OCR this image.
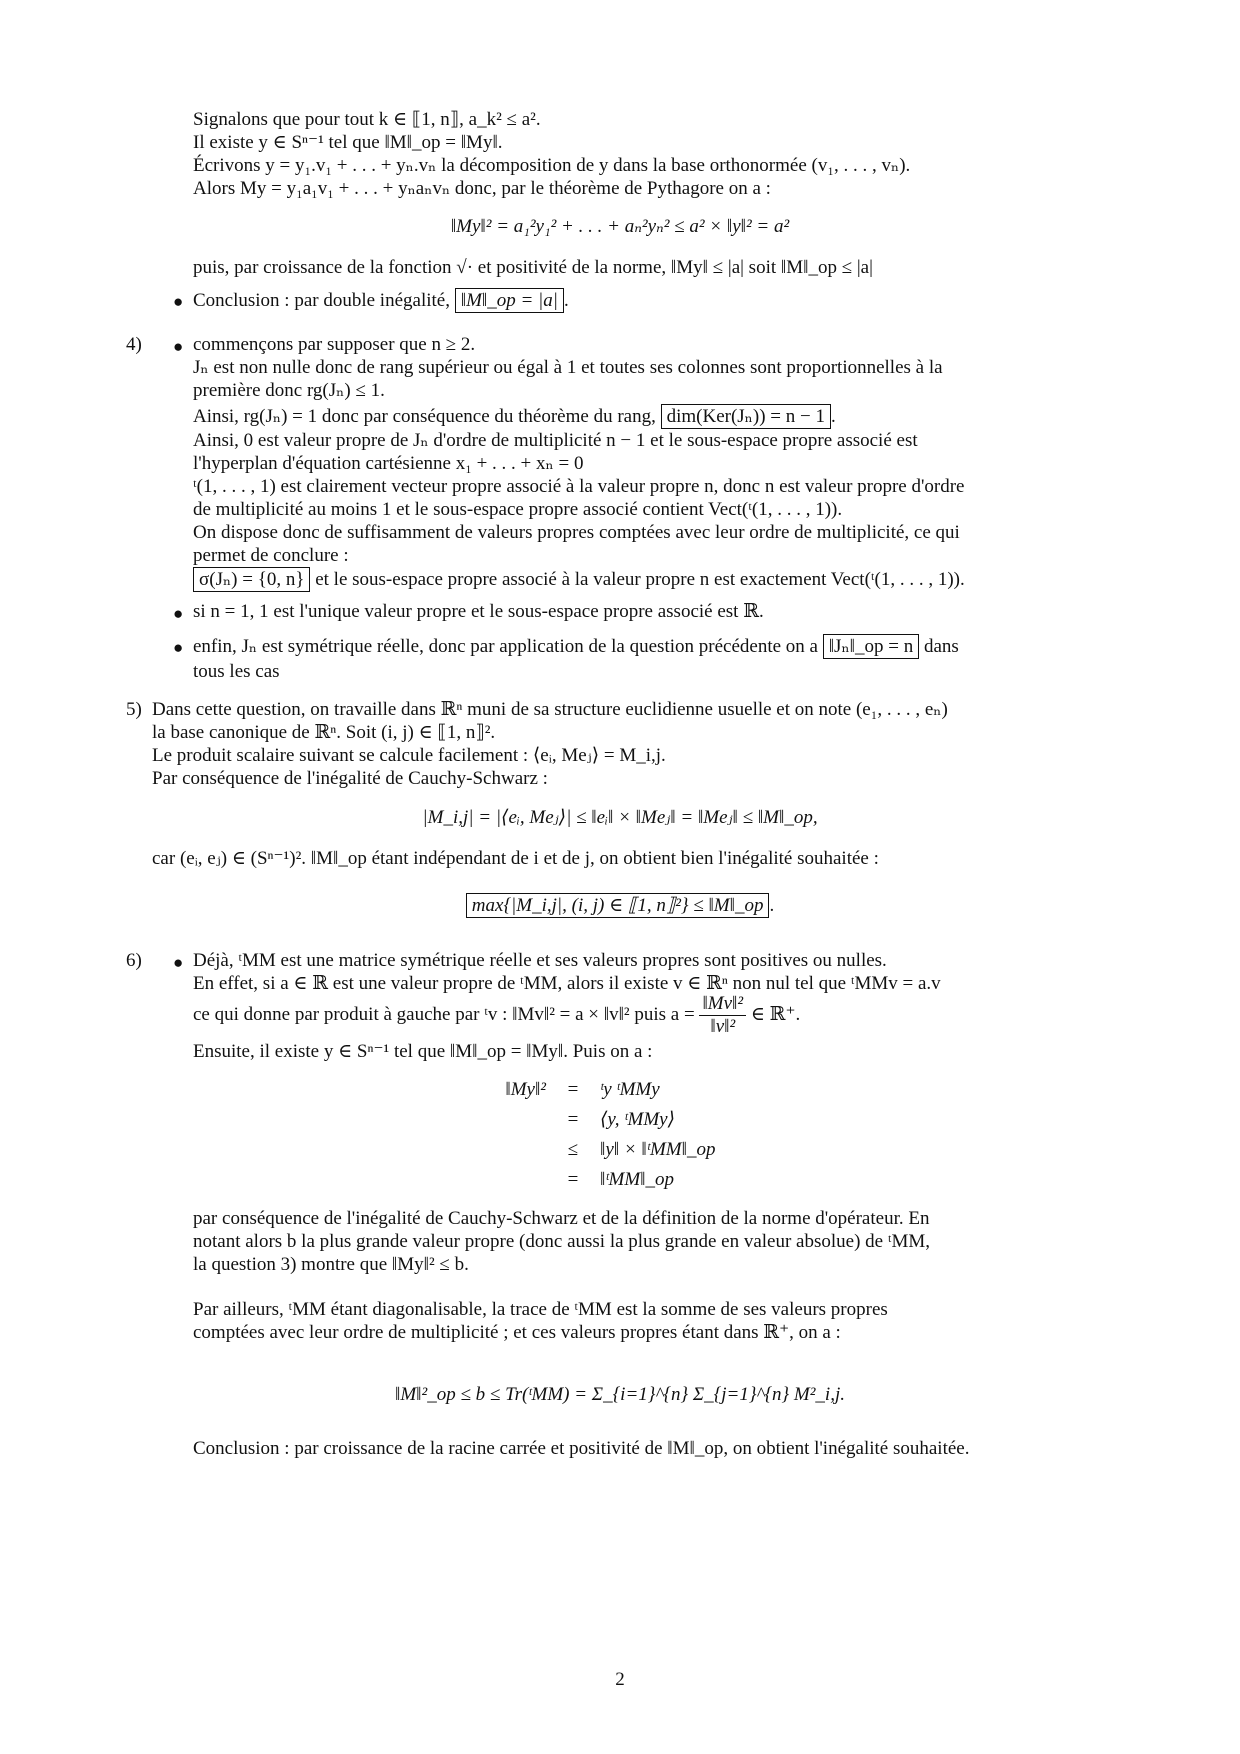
Signalons que pour tout k ∈ ⟦1, n⟧, a_k² ≤ a².
Il existe y ∈ Sⁿ⁻¹ tel que ‖M‖_op = ‖My‖.
Écrivons y = y₁.v₁ + . . . + yₙ.vₙ la décomposition de y dans la base orthonormée (v₁, . . . , vₙ).
Alors My = y₁a₁v₁ + . . . + yₙaₙvₙ donc, par le théorème de Pythagore on a :
‖My‖² = a₁²y₁² + . . . + aₙ²yₙ² ≤ a² × ‖y‖² = a²
puis, par croissance de la fonction √· et positivité de la norme, ‖My‖ ≤ |a| soit ‖M‖_op ≤ |a|
● Conclusion : par double inégalité, ‖M‖_op = |a| .
4) ● commençons par supposer que n ≥ 2.
Jₙ est non nulle donc de rang supérieur ou égal à 1 et toutes ses colonnes sont proportionnelles à la
première donc rg(Jₙ) ≤ 1.
Ainsi, rg(Jₙ) = 1 donc par conséquence du théorème du rang, dim(Ker(Jₙ)) = n − 1 .
Ainsi, 0 est valeur propre de Jₙ d'ordre de multiplicité n − 1 et le sous-espace propre associé est
l'hyperplan d'équation cartésienne x₁ + . . . + xₙ = 0
ᵗ(1, . . . , 1) est clairement vecteur propre associé à la valeur propre n, donc n est valeur propre d'ordre
de multiplicité au moins 1 et le sous-espace propre associé contient Vect(ᵗ(1, . . . , 1)).
On dispose donc de suffisamment de valeurs propres comptées avec leur ordre de multiplicité, ce qui
permet de conclure :
σ(Jₙ) = {0, n} et le sous-espace propre associé à la valeur propre n est exactement Vect(ᵗ(1, . . . , 1)).
● si n = 1, 1 est l'unique valeur propre et le sous-espace propre associé est ℝ.
● enfin, Jₙ est symétrique réelle, donc par application de la question précédente on a ‖Jₙ‖_op = n dans
tous les cas
5) Dans cette question, on travaille dans ℝⁿ muni de sa structure euclidienne usuelle et on note (e₁, . . . , eₙ)
la base canonique de ℝⁿ. Soit (i, j) ∈ ⟦1, n⟧².
Le produit scalaire suivant se calcule facilement : ⟨eᵢ, Meⱼ⟩ = M_i,j.
Par conséquence de l'inégalité de Cauchy-Schwarz :
|M_i,j| = |⟨eᵢ, Meⱼ⟩| ≤ ‖eᵢ‖ × ‖Meⱼ‖ = ‖Meⱼ‖ ≤ ‖M‖_op,
car (eᵢ, eⱼ) ∈ (Sⁿ⁻¹)². ‖M‖_op étant indépendant de i et de j, on obtient bien l'inégalité souhaitée :
max{|M_i,j|, (i, j) ∈ ⟦1, n⟧²} ≤ ‖M‖_op .
6) ● Déjà, ᵗMM est une matrice symétrique réelle et ses valeurs propres sont positives ou nulles.
En effet, si a ∈ ℝ est une valeur propre de ᵗMM, alors il existe v ∈ ℝⁿ non nul tel que ᵗMMv = a.v
ce qui donne par produit à gauche par ᵗv : ‖Mv‖² = a × ‖v‖² puis $a = \frac{\text{‖Mv‖²}}{\text{‖v‖²}}$ ∈ ℝ⁺.
Ensuite, il existe y ∈ Sⁿ⁻¹ tel que ‖M‖_op = ‖My‖. Puis on a :
‖My‖²	=	ᵗy ᵗMMy
	=	⟨y, ᵗMMy⟩
	≤	‖y‖ × ‖ᵗMM‖_op
	=	‖ᵗMM‖_op
par conséquence de l'inégalité de Cauchy-Schwarz et de la définition de la norme d'opérateur. En
notant alors b la plus grande valeur propre (donc aussi la plus grande en valeur absolue) de ᵗMM,
la question 3) montre que ‖My‖² ≤ b.
Par ailleurs, ᵗMM étant diagonalisable, la trace de ᵗMM est la somme de ses valeurs propres
comptées avec leur ordre de multiplicité ; et ces valeurs propres étant dans ℝ⁺, on a :
‖M‖²_op ≤ b ≤ Tr(ᵗMM) = Σ_{i=1}^{n} Σ_{j=1}^{n} M²_i,j.
Conclusion : par croissance de la racine carrée et positivité de ‖M‖_op, on obtient l'inégalité souhaitée.
2
